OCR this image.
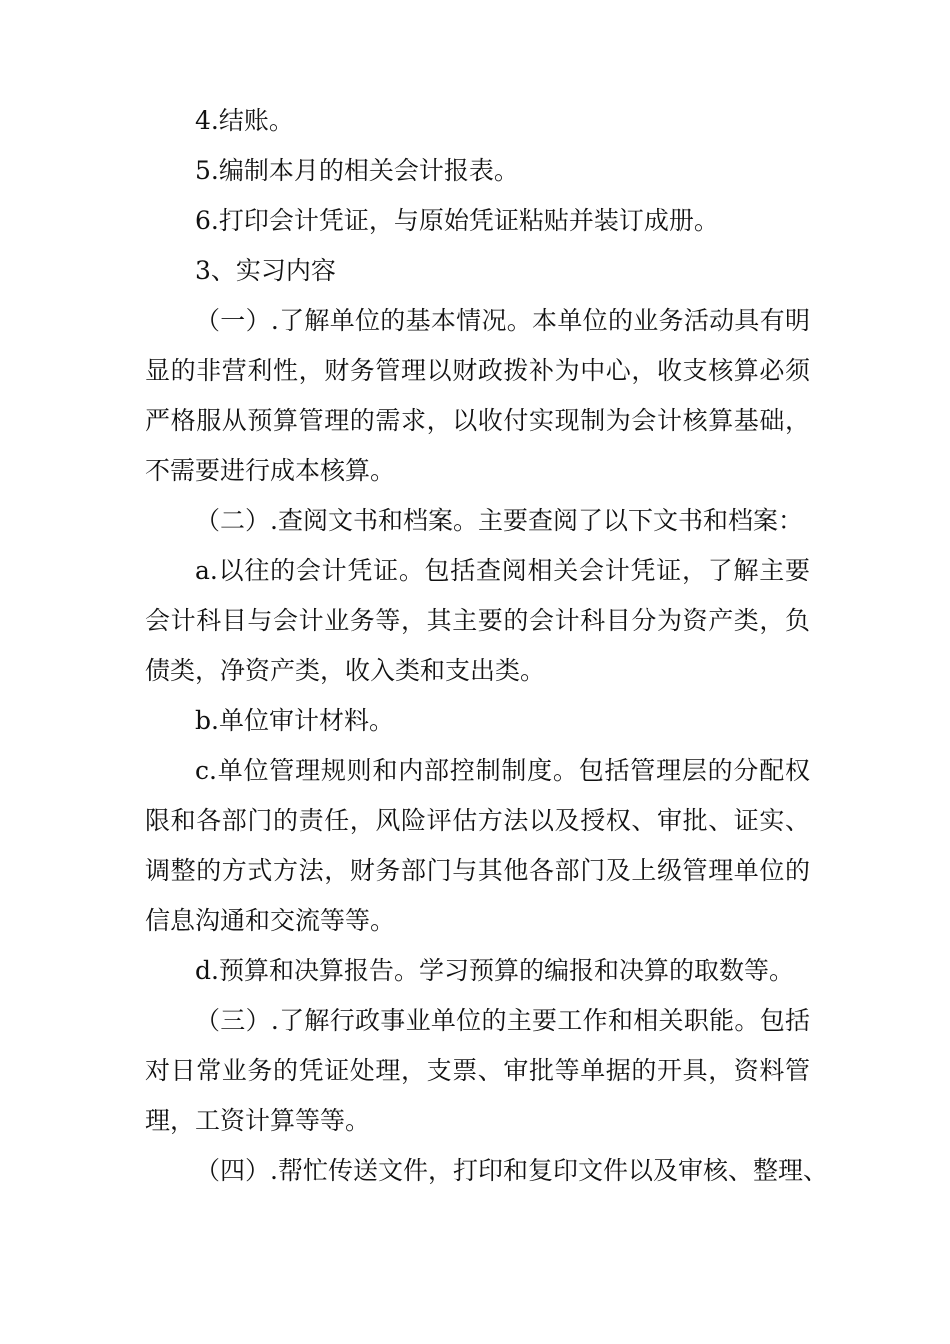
4.结账。
5.编制本月的相关会计报表。
6.打印会计凭证，与原始凭证粘贴并装订成册。
3、实习内容
（一）.了解单位的基本情况。本单位的业务活动具有明
显的非营利性，财务管理以财政拨补为中心，收支核算必须
严格服从预算管理的需求，以收付实现制为会计核算基础，
不需要进行成本核算。
（二）.查阅文书和档案。主要查阅了以下文书和档案：
a.以往的会计凭证。包括查阅相关会计凭证，了解主要
会计科目与会计业务等，其主要的会计科目分为资产类，负
债类，净资产类，收入类和支出类。
b.单位审计材料。
c.单位管理规则和内部控制制度。包括管理层的分配权
限和各部门的责任，风险评估方法以及授权、审批、证实、
调整的方式方法，财务部门与其他各部门及上级管理单位的
信息沟通和交流等等。
d.预算和决算报告。学习预算的编报和决算的取数等。
（三）.了解行政事业单位的主要工作和相关职能。包括
对日常业务的凭证处理，支票、审批等单据的开具，资料管
理，工资计算等等。
（四）.帮忙传送文件，打印和复印文件以及审核、整理、
